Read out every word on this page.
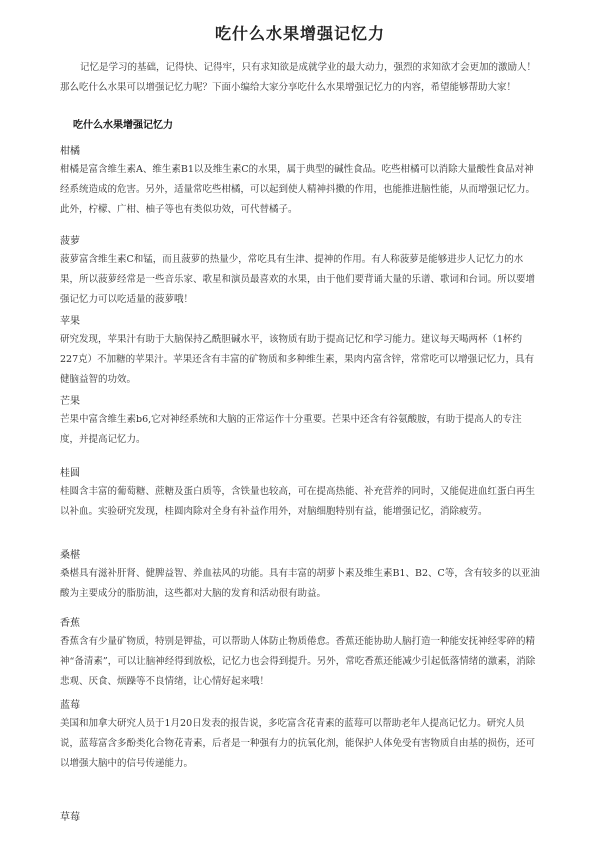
吃什么水果增强记忆力
记忆是学习的基础，记得快、记得牢，只有求知欲是成就学业的最大动力，强烈的求知欲才会更加的激励人！那么吃什么水果可以增强记忆力呢？下面小编给大家分享吃什么水果增强记忆力的内容，希望能够帮助大家！
吃什么水果增强记忆力
柑橘
柑橘是富含维生素A、维生素B1以及维生素C的水果，属于典型的碱性食品。吃些柑橘可以消除大量酸性食品对神经系统造成的危害。另外，适量常吃些柑橘，可以起到使人精神抖擞的作用，也能推进脑性能，从而增强记忆力。此外，柠檬、广柑、柚子等也有类似功效，可代替橘子。
菠萝
菠萝富含维生素C和锰，而且菠萝的热量少，常吃具有生津、提神的作用。有人称菠萝是能够进步人记忆力的水果，所以菠萝经常是一些音乐家、歌星和演员最喜欢的水果，由于他们要背诵大量的乐谱、歌词和台词。所以要增强记忆力可以吃适量的菠萝哦！
苹果
研究发现，苹果汁有助于大脑保持乙酰胆碱水平，该物质有助于提高记忆和学习能力。建议每天喝两杯（1杯约227克）不加糖的苹果汁。苹果还含有丰富的矿物质和多种维生素，果肉内富含锌，常常吃可以增强记忆力，具有健脑益智的功效。
芒果
芒果中富含维生素b6,它对神经系统和大脑的正常运作十分重要。芒果中还含有谷氨酸胺，有助于提高人的专注度，并提高记忆力。
桂圆
桂圆含丰富的葡萄糖、蔗糖及蛋白质等，含铁量也较高，可在提高热能、补充营养的同时，又能促进血红蛋白再生以补血。实验研究发现，桂圆肉除对全身有补益作用外，对脑细胞特别有益，能增强记忆，消除疲劳。
桑椹
桑椹具有滋补肝肾、健脾益智、养血祛风的功能。具有丰富的胡萝卜素及维生素B1、B2、C等，含有较多的以亚油酸为主要成分的脂肪油，这些都对大脑的发育和活动很有助益。
香蕉
香蕉含有少量矿物质，特别是钾盐，可以帮助人体防止物质倦怠。香蕉还能协助人脑打造一种能安抚神经零碎的精神“备清素”，可以让脑神经得到放松，记忆力也会得到提升。另外，常吃香蕉还能减少引起低落情绪的激素，消除悲观、厌食、烦躁等不良情绪，让心情好起来哦！
蓝莓
美国和加拿大研究人员于1月20日发表的报告说，多吃富含花青素的蓝莓可以帮助老年人提高记忆力。研究人员说，蓝莓富含多酚类化合物花青素，后者是一种强有力的抗氧化剂，能保护人体免受有害物质自由基的损伤，还可以增强大脑中的信号传递能力。
草莓
